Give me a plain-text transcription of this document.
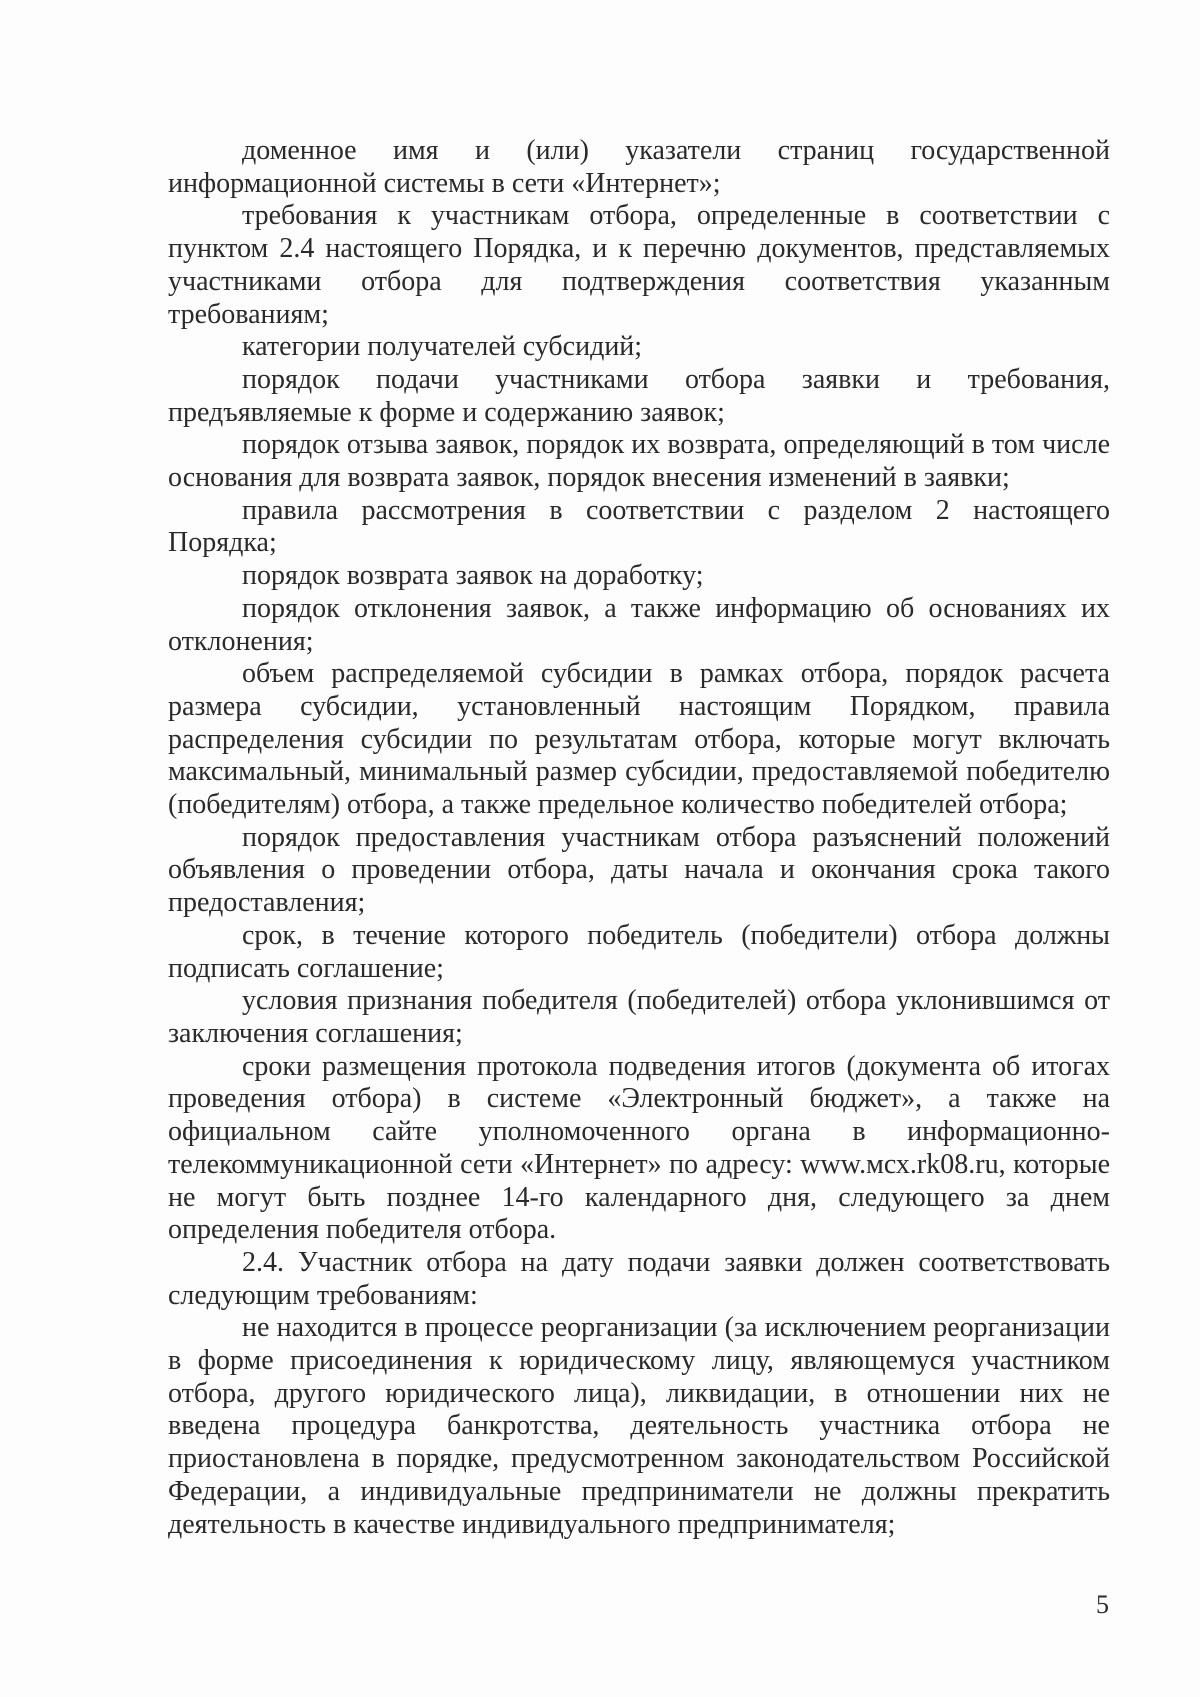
доменное имя и (или) указатели страниц государственной информационной системы в сети «Интернет»;

требования к участникам отбора, определенные в соответствии с пунктом 2.4 настоящего Порядка, и к перечню документов, представляемых участниками отбора для подтверждения соответствия указанным требованиям;

категории получателей субсидий;

порядок подачи участниками отбора заявки и требования, предъявляемые к форме и содержанию заявок;

порядок отзыва заявок, порядок их возврата, определяющий в том числе основания для возврата заявок, порядок внесения изменений в заявки;

правила рассмотрения в соответствии с разделом 2 настоящего Порядка;

порядок возврата заявок на доработку;

порядок отклонения заявок, а также информацию об основаниях их отклонения;

объем распределяемой субсидии в рамках отбора, порядок расчета размера субсидии, установленный настоящим Порядком, правила распределения субсидии по результатам отбора, которые могут включать максимальный, минимальный размер субсидии, предоставляемой победителю (победителям) отбора, а также предельное количество победителей отбора;

порядок предоставления участникам отбора разъяснений положений объявления о проведении отбора, даты начала и окончания срока такого предоставления;

срок, в течение которого победитель (победители) отбора должны подписать соглашение;

условия признания победителя (победителей) отбора уклонившимся от заключения соглашения;

сроки размещения протокола подведения итогов (документа об итогах проведения отбора) в системе «Электронный бюджет», а также на официальном сайте уполномоченного органа в информационно-телекоммуникационной сети «Интернет» по адресу: www.мсх.rk08.ru, которые не могут быть позднее 14-го календарного дня, следующего за днем определения победителя отбора.

2.4. Участник отбора на дату подачи заявки должен соответствовать следующим требованиям:

не находится в процессе реорганизации (за исключением реорганизации в форме присоединения к юридическому лицу, являющемуся участником отбора, другого юридического лица), ликвидации, в отношении них не введена процедура банкротства, деятельность участника отбора не приостановлена в порядке, предусмотренном законодательством Российской Федерации, а индивидуальные предприниматели не должны прекратить деятельность в качестве индивидуального предпринимателя;

5
